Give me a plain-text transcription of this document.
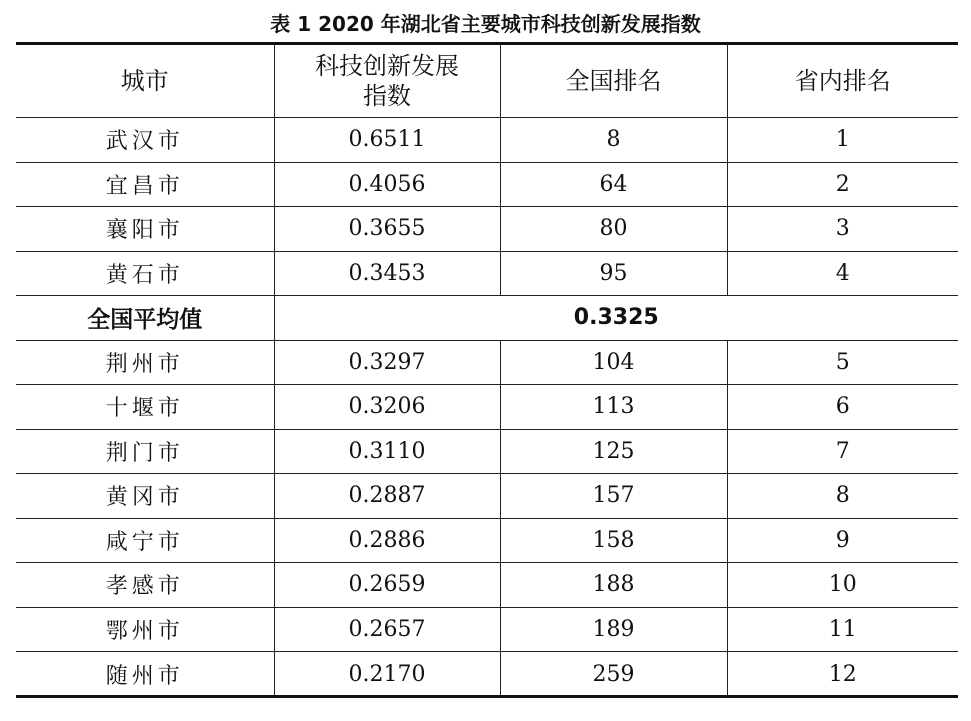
表 1 2020 年湖北省主要城市科技创新发展指数
城市	科技创新发展指数	全国排名	省内排名
武汉市	0.6511	8	1
宜昌市	0.4056	64	2
襄阳市	0.3655	80	3
黄石市	0.3453	95	4
全国平均值	0.3325		
荆州市	0.3297	104	5
十堰市	0.3206	113	6
荆门市	0.3110	125	7
黄冈市	0.2887	157	8
咸宁市	0.2886	158	9
孝感市	0.2659	188	10
鄂州市	0.2657	189	11
随州市	0.2170	259	12
